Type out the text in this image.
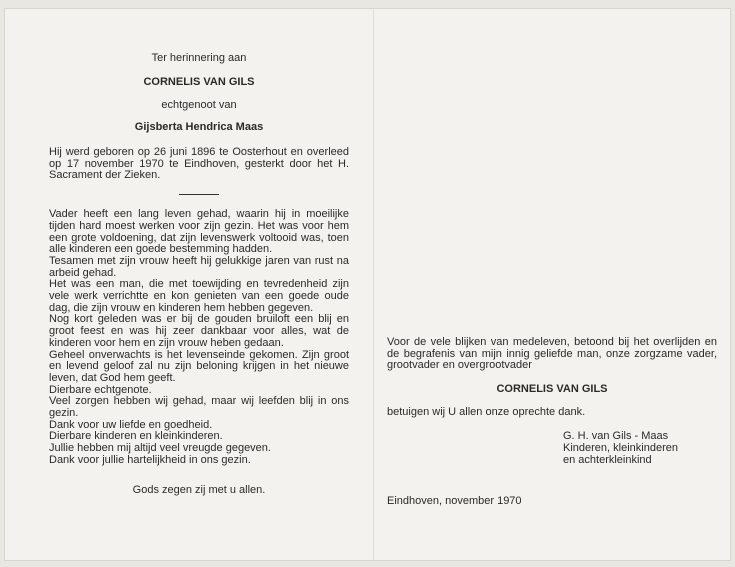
Ter herinnering aan
CORNELIS VAN GILS
echtgenoot van
Gijsberta Hendrica Maas
Hij werd geboren op 26 juni 1896 te Oosterhout en overleed op 17 november 1970 te Eindhoven, gesterkt door het H. Sacrament der Zieken.
Vader heeft een lang leven gehad, waarin hij in moeilijke tijden hard moest werken voor zijn gezin. Het was voor hem een grote voldoening, dat zijn levenswerk voltooid was, toen alle kinderen een goede bestemming hadden.
Tesamen met zijn vrouw heeft hij gelukkige jaren van rust na arbeid gehad.
Het was een man, die met toewijding en tevredenheid zijn vele werk verrichtte en kon genieten van een goede oude dag, die zijn vrouw en kinderen hem hebben gegeven.
Nog kort geleden was er bij de gouden bruiloft een blij en groot feest en was hij zeer dankbaar voor alles, wat de kinderen voor hem en zijn vrouw heben gedaan.
Geheel onverwachts is het levenseinde gekomen. Zijn groot en levend geloof zal nu zijn beloning krijgen in het nieuwe leven, dat God hem geeft.
Dierbare echtgenote.
Veel zorgen hebben wij gehad, maar wij leefden blij in ons gezin.
Dank voor uw liefde en goedheid.
Dierbare kinderen en kleinkinderen.
Jullie hebben mij altijd veel vreugde gegeven.
Dank voor jullie hartelijkheid in ons gezin.
Gods zegen zij met u allen.
Voor de vele blijken van medeleven, betoond bij het overlijden en de begrafenis van mijn innig geliefde man, onze zorgzame vader, grootvader en overgrootvader
CORNELIS VAN GILS
betuigen wij U allen onze oprechte dank.
G. H. van Gils - Maas
Kinderen, kleinkinderen
en achterkleinkind
Eindhoven, november 1970
